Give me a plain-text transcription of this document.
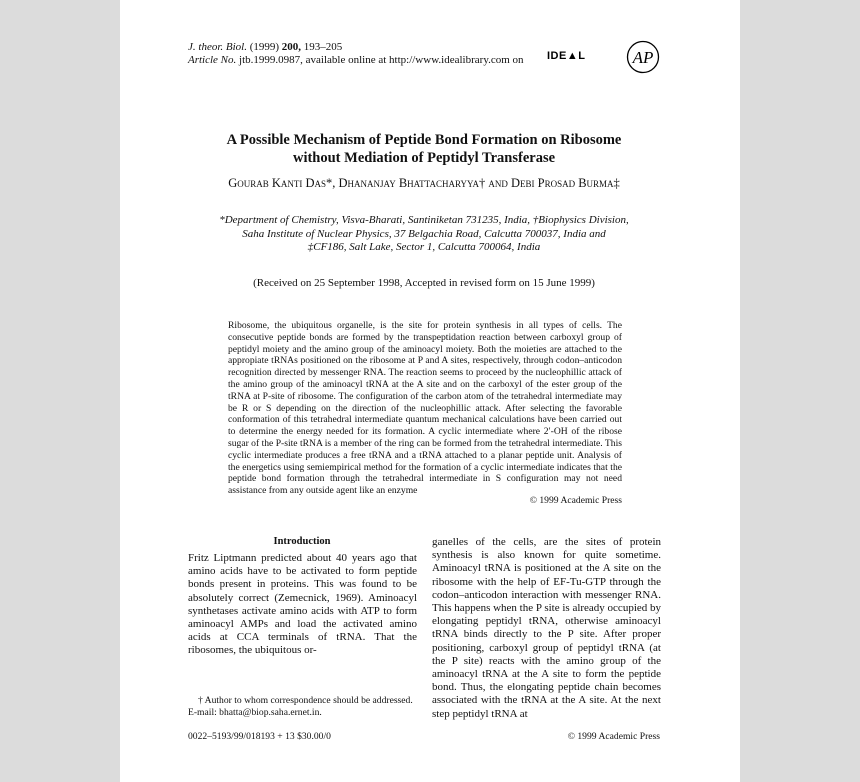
J. theor. Biol. (1999) 200, 193–205
Article No. jtb.1999.0987, available online at http://www.idealibrary.com on IDE▲L	AP
A Possible Mechanism of Peptide Bond Formation on Ribosome
without Mediation of Peptidyl Transferase
Gourab Kanti Das*, Dhananjay Bhattacharyya† and Debi Prosad Burma‡
*Department of Chemistry, Visva-Bharati, Santiniketan 731235, India, †Biophysics Division,
Saha Institute of Nuclear Physics, 37 Belgachia Road, Calcutta 700037, India and
‡CF186, Salt Lake, Sector 1, Calcutta 700064, India
(Received on 25 September 1998, Accepted in revised form on 15 June 1999)
Ribosome, the ubiquitous organelle, is the site for protein synthesis in all types of cells. The consecutive peptide bonds are formed by the transpeptidation reaction between carboxyl group of peptidyl moiety and the amino group of the aminoacyl moiety. Both the moieties are attached to the appropiate tRNAs positioned on the ribosome at P and A sites, respectively, through codon–anticodon recognition directed by messenger RNA. The reaction seems to proceed by the nucleophillic attack of the amino group of the aminoacyl tRNA at the A site and on the carboxyl of the ester group of the tRNA at P-site of ribosome. The configuration of the carbon atom of the tetrahedral intermediate may be R or S depending on the direction of the nucleophillic attack. After selecting the favorable conformation of this tetrahedral intermediate quantum mechanical calculations have been carried out to determine the energy needed for its formation. A cyclic intermediate where 2′-OH of the ribose sugar of the P-site tRNA is a member of the ring can be formed from the tetrahedral intermediate. This cyclic intermediate produces a free tRNA and a tRNA attached to a planar peptide unit. Analysis of the energetics using semiempirical method for the formation of a cyclic intermediate indicates that the peptide bond formation through the tetrahedral intermediate in S configuration may not need assistance from any outside agent like an enzyme
© 1999 Academic Press
Introduction
Fritz Liptmann predicted about 40 years ago that amino acids have to be activated to form peptide bonds present in proteins. This was found to be absolutely correct (Zemecnick, 1969). Aminoacyl synthetases activate amino acids with ATP to form aminoacyl AMPs and load the activated amino acids at CCA terminals of tRNA. That the ribosomes, the ubiquitous or-
ganelles of the cells, are the sites of protein synthesis is also known for quite sometime. Aminoacyl tRNA is positioned at the A site on the ribosome with the help of EF-Tu-GTP through the codon–anticodon interaction with messenger RNA. This happens when the P site is already occupied by elongating peptidyl tRNA, otherwise aminoacyl tRNA binds directly to the P site. After proper positioning, carboxyl group of peptidyl tRNA (at the P site) reacts with the amino group of the aminoacyl tRNA at the A site to form the peptide bond. Thus, the elongating peptide chain becomes associated with the tRNA at the A site. At the next step peptidyl tRNA at
† Author to whom correspondence should be addressed.
E-mail: bhatta@biop.saha.ernet.in.
0022–5193/99/018193 + 13 $30.00/0	© 1999 Academic Press
